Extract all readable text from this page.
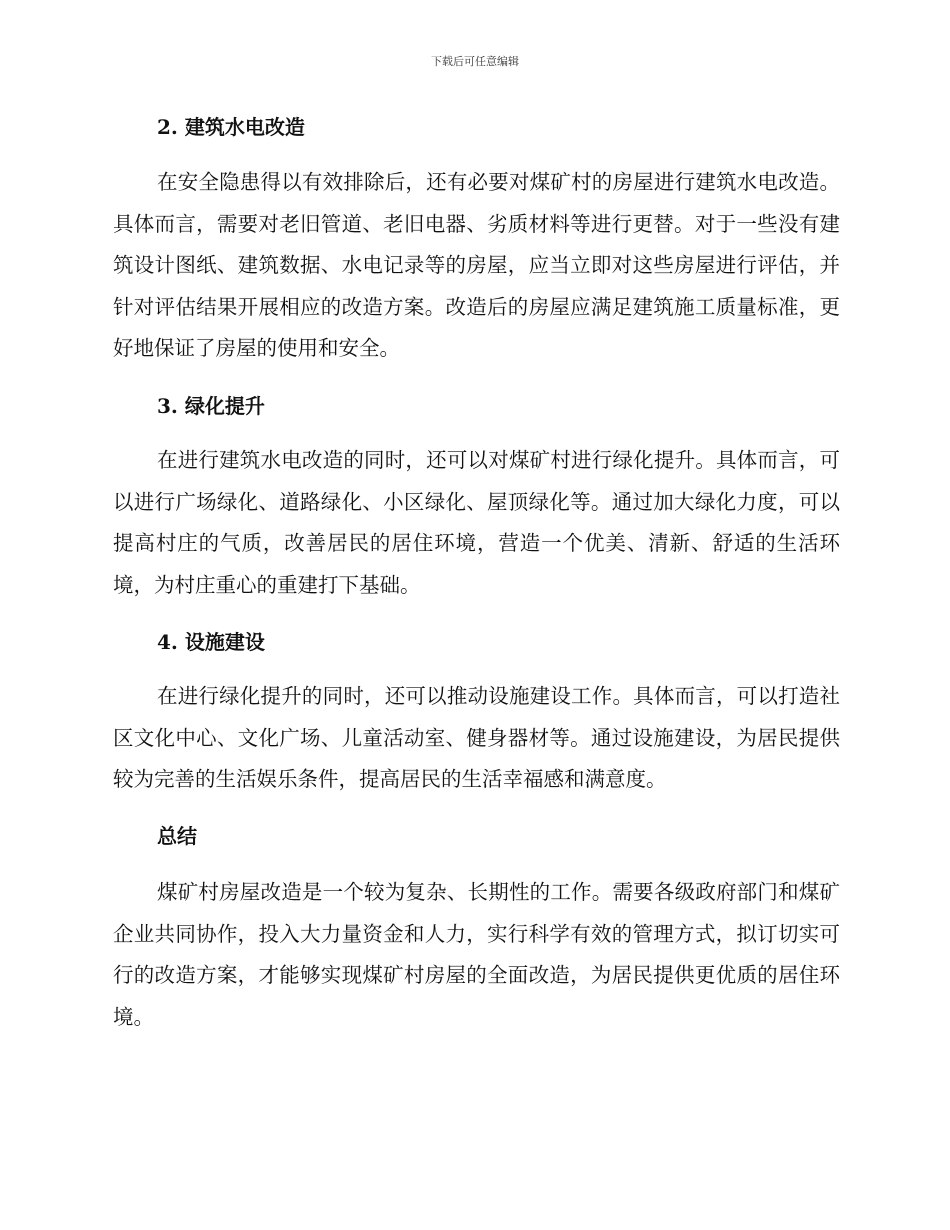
下载后可任意编辑
2. 建筑水电改造

在安全隐患得以有效排除后，还有必要对煤矿村的房屋进行建筑水电改造。具体而言，需要对老旧管道、老旧电器、劣质材料等进行更替。对于一些没有建筑设计图纸、建筑数据、水电记录等的房屋，应当立即对这些房屋进行评估，并针对评估结果开展相应的改造方案。改造后的房屋应满足建筑施工质量标准，更好地保证了房屋的使用和安全。

3. 绿化提升

在进行建筑水电改造的同时，还可以对煤矿村进行绿化提升。具体而言，可以进行广场绿化、道路绿化、小区绿化、屋顶绿化等。通过加大绿化力度，可以提高村庄的气质，改善居民的居住环境，营造一个优美、清新、舒适的生活环境，为村庄重心的重建打下基础。

4. 设施建设

在进行绿化提升的同时，还可以推动设施建设工作。具体而言，可以打造社区文化中心、文化广场、儿童活动室、健身器材等。通过设施建设，为居民提供较为完善的生活娱乐条件，提高居民的生活幸福感和满意度。

总结

煤矿村房屋改造是一个较为复杂、长期性的工作。需要各级政府部门和煤矿企业共同协作，投入大力量资金和人力，实行科学有效的管理方式，拟订切实可行的改造方案，才能够实现煤矿村房屋的全面改造，为居民提供更优质的居住环境。
